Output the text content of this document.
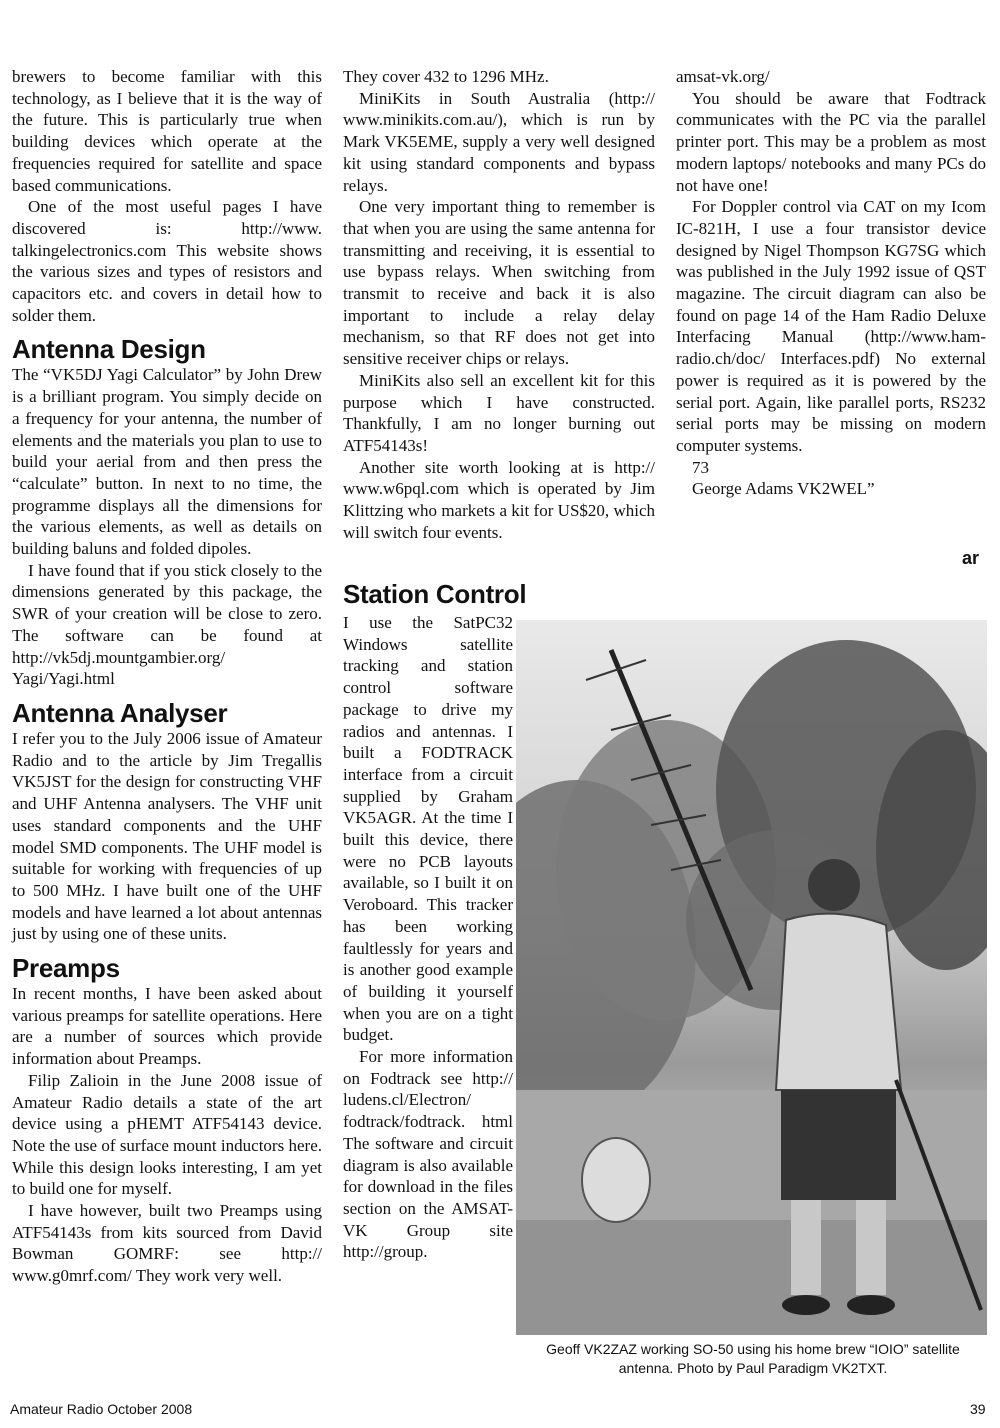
brewers to become familiar with this technology, as I believe that it is the way of the future. This is particularly true when building devices which operate at the frequencies required for satellite and space based communications.

One of the most useful pages I have discovered is: http://www. talkingelectronics.com This website shows the various sizes and types of resistors and capacitors etc. and covers in detail how to solder them.

Antenna Design

The “VK5DJ Yagi Calculator” by John Drew is a brilliant program. You simply decide on a frequency for your antenna, the number of elements and the materials you plan to use to build your aerial from and then press the “calculate” button. In next to no time, the programme displays all the dimensions for the various elements, as well as details on building baluns and folded dipoles.

I have found that if you stick closely to the dimensions generated by this package, the SWR of your creation will be close to zero. The software can be found at http://vk5dj.mountgambier.org/ Yagi/Yagi.html

Antenna Analyser

I refer you to the July 2006 issue of Amateur Radio and to the article by Jim Tregallis VK5JST for the design for constructing VHF and UHF Antenna analysers. The VHF unit uses standard components and the UHF model SMD components. The UHF model is suitable for working with frequencies of up to 500 MHz. I have built one of the UHF models and have learned a lot about antennas just by using one of these units.

Preamps

In recent months, I have been asked about various preamps for satellite operations. Here are a number of sources which provide information about Preamps.

Filip Zalioin in the June 2008 issue of Amateur Radio details a state of the art device using a pHEMT ATF54143 device. Note the use of surface mount inductors here. While this design looks interesting, I am yet to build one for myself.

I have however, built two Preamps using ATF54143s from kits sourced from David Bowman GOMRF: see http:// www.g0mrf.com/ They work very well.

They cover 432 to 1296 MHz.

MiniKits in South Australia (http:// www.minikits.com.au/), which is run by Mark VK5EME, supply a very well designed kit using standard components and bypass relays.

One very important thing to remember is that when you are using the same antenna for transmitting and receiving, it is essential to use bypass relays. When switching from transmit to receive and back it is also important to include a relay delay mechanism, so that RF does not get into sensitive receiver chips or relays.

MiniKits also sell an excellent kit for this purpose which I have constructed. Thankfully, I am no longer burning out ATF54143s!

Another site worth looking at is http:// www.w6pql.com which is operated by Jim Klittzing who markets a kit for US$20, which will switch four events.

Station Control

I use the SatPC32 Windows satellite tracking and station control software package to drive my radios and antennas. I built a FODTRACK interface from a circuit supplied by Graham VK5AGR. At the time I built this device, there were no PCB layouts available, so I built it on Veroboard. This tracker has been working faultlessly for years and is another good example of building it yourself when you are on a tight budget.

For more information on Fodtrack see http:// ludens.cl/Electron/ fodtrack/fodtrack. html The software and circuit diagram is also available for download in the files section on the AMSAT-VK Group site http://group.

amsat-vk.org/

You should be aware that Fodtrack communicates with the PC via the parallel printer port. This may be a problem as most modern laptops/ notebooks and many PCs do not have one!

For Doppler control via CAT on my Icom IC-821H, I use a four transistor device designed by Nigel Thompson KG7SG which was published in the July 1992 issue of QST magazine. The circuit diagram can also be found on page 14 of the Ham Radio Deluxe Interfacing Manual (http://www.ham-radio.ch/doc/ Interfaces.pdf) No external power is required as it is powered by the serial port. Again, like parallel ports, RS232 serial ports may be missing on modern computer systems.

73

George Adams VK2WEL”

ar
Geoff VK2ZAZ working SO-50 using his home brew “IOIO” satellite antenna. Photo by Paul Paradigm VK2TXT.
Amateur Radio October 2008	39
